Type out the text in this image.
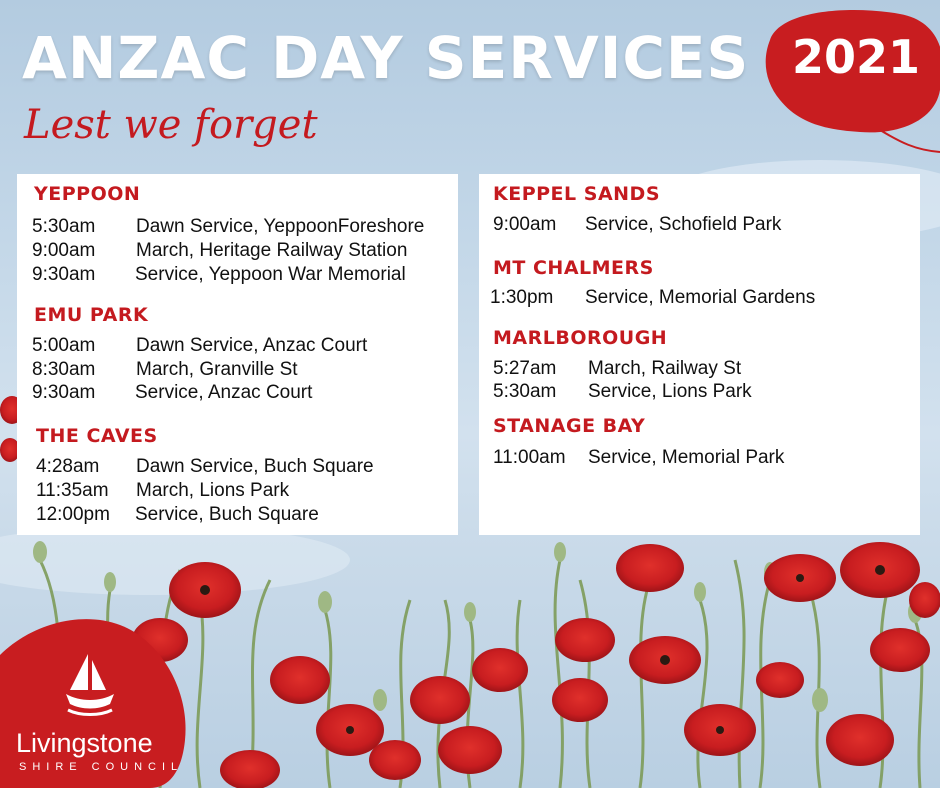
ANZAC DAY SERVICES 2021
Lest we forget
YEPPOON
5:30am Dawn Service, YeppoonForeshore
9:00am March, Heritage Railway Station
9:30am Service, Yeppoon War Memorial
EMU PARK
5:00am Dawn Service, Anzac Court
8:30am March, Granville St
9:30am Service, Anzac Court
THE CAVES
4:28am Dawn Service, Buch Square
11:35am March, Lions Park
12:00pm Service, Buch Square
KEPPEL SANDS
9:00am Service, Schofield Park
MT CHALMERS
1:30pm Service, Memorial Gardens
MARLBOROUGH
5:27am March, Railway St
5:30am Service, Lions Park
STANAGE BAY
11:00am Service, Memorial Park
Livingstone
SHIRE COUNCIL
